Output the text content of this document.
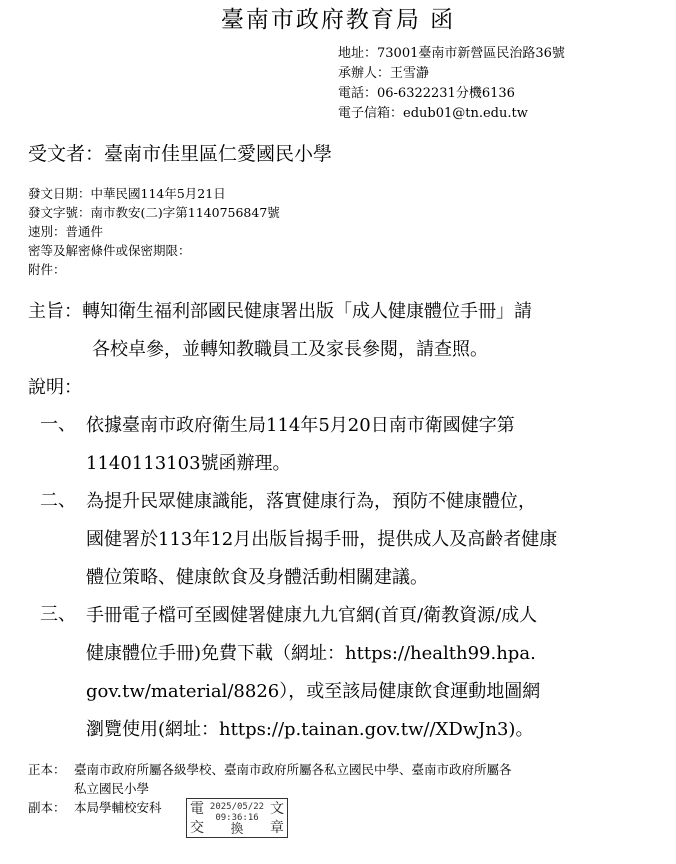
臺南市政府教育局 函
地址：73001臺南市新營區民治路36號
承辦人：王雪瀞
電話：06-6322231分機6136
電子信箱：edub01@tn.edu.tw
受文者：臺南市佳里區仁愛國民小學
發文日期：中華民國114年5月21日
發文字號：南市教安(二)字第1140756847號
速別：普通件
密等及解密條件或保密期限：
附件：
主旨：轉知衛生福利部國民健康署出版「成人健康體位手冊」請
各校卓參，並轉知教職員工及家長參閱，請查照。
說明：
一、 依據臺南市政府衛生局114年5月20日南市衛國健字第
1140113103號函辦理。
二、 為提升民眾健康識能，落實健康行為，預防不健康體位，
國健署於113年12月出版旨揭手冊，提供成人及高齡者健康
體位策略、健康飲食及身體活動相關建議。
三、 手冊電子檔可至國健署健康九九官網(首頁/衛教資源/成人
健康體位手冊)免費下載（網址：https://health99.hpa.
gov.tw/material/8826），或至該局健康飲食運動地圖網
瀏覽使用(網址：https://p.tainan.gov.tw//XDwJn3)。
正本： 臺南市政府所屬各級學校、臺南市政府所屬各私立國民中學、臺南市政府所屬各
私立國民小學
副本： 本局學輔校安科 電
交
2025/05/22
09:36:16
換
文
章
